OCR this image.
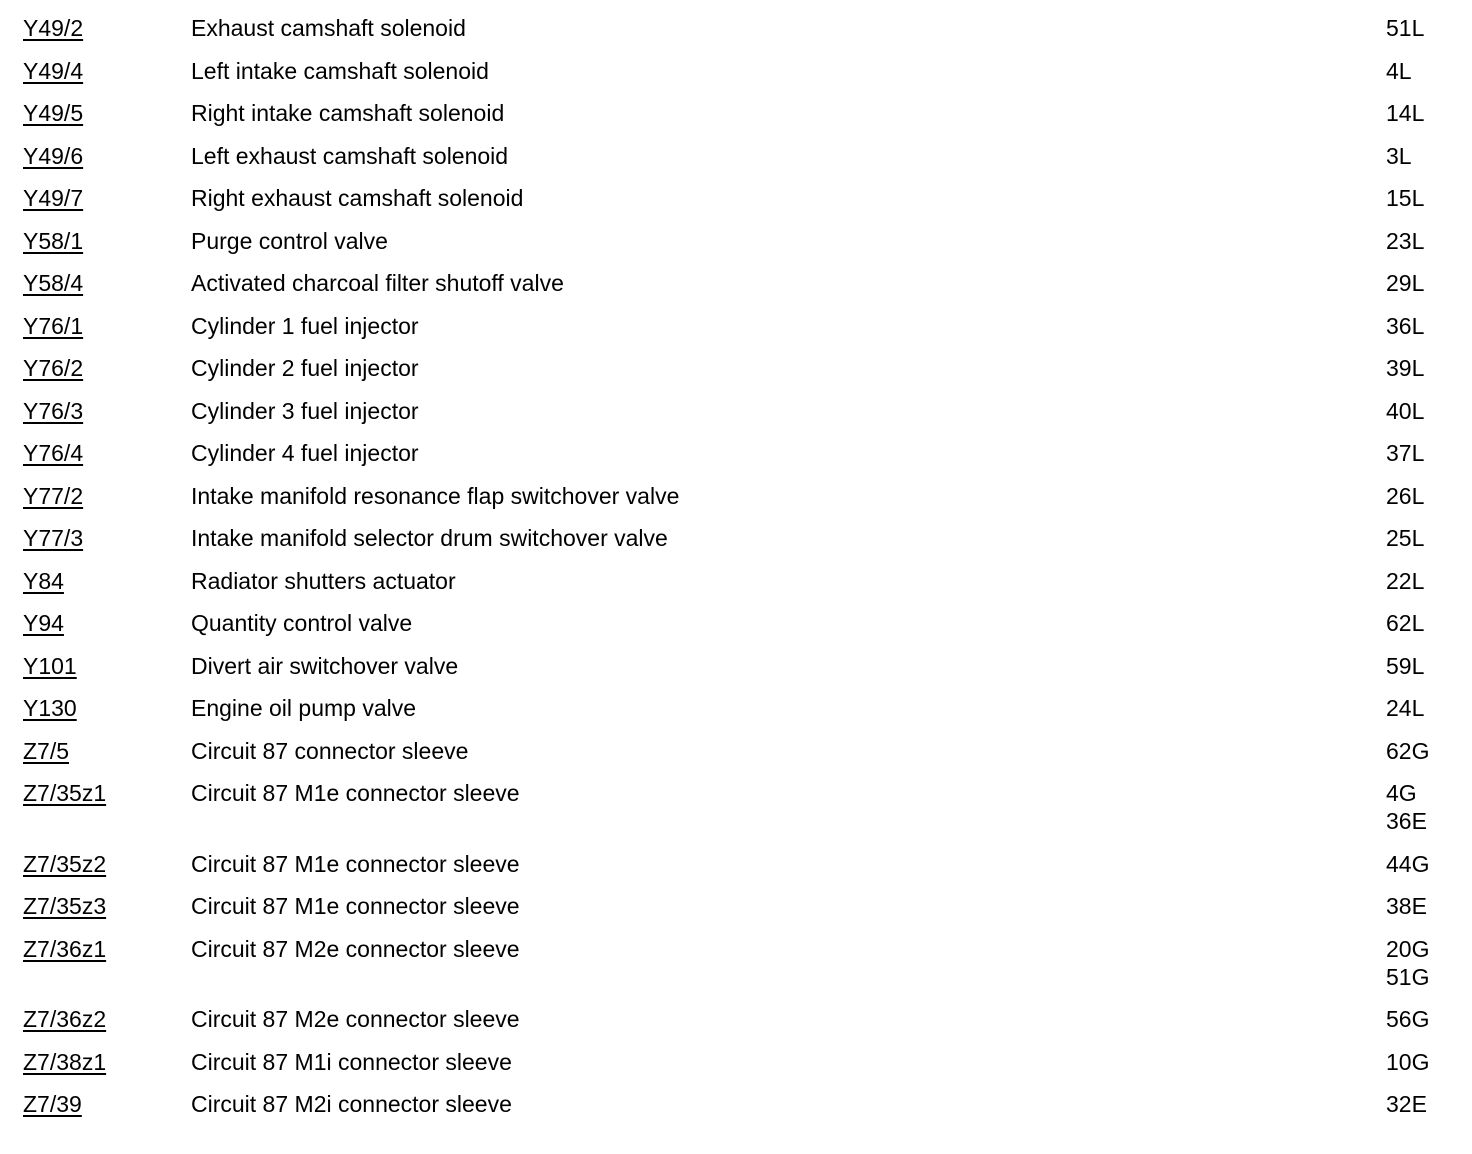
Y49/2	Exhaust camshaft solenoid	51L
Y49/4	Left intake camshaft solenoid	4L
Y49/5	Right intake camshaft solenoid	14L
Y49/6	Left exhaust camshaft solenoid	3L
Y49/7	Right exhaust camshaft solenoid	15L
Y58/1	Purge control valve	23L
Y58/4	Activated charcoal filter shutoff valve	29L
Y76/1	Cylinder 1 fuel injector	36L
Y76/2	Cylinder 2 fuel injector	39L
Y76/3	Cylinder 3 fuel injector	40L
Y76/4	Cylinder 4 fuel injector	37L
Y77/2	Intake manifold resonance flap switchover valve	26L
Y77/3	Intake manifold selector drum switchover valve	25L
Y84	Radiator shutters actuator	22L
Y94	Quantity control valve	62L
Y101	Divert air switchover valve	59L
Y130	Engine oil pump valve	24L
Z7/5	Circuit 87 connector sleeve	62G
Z7/35z1	Circuit 87 M1e connector sleeve	4G
36E
Z7/35z2	Circuit 87 M1e connector sleeve	44G
Z7/35z3	Circuit 87 M1e connector sleeve	38E
Z7/36z1	Circuit 87 M2e connector sleeve	20G
51G
Z7/36z2	Circuit 87 M2e connector sleeve	56G
Z7/38z1	Circuit 87 M1i connector sleeve	10G
Z7/39	Circuit 87 M2i connector sleeve	32E
